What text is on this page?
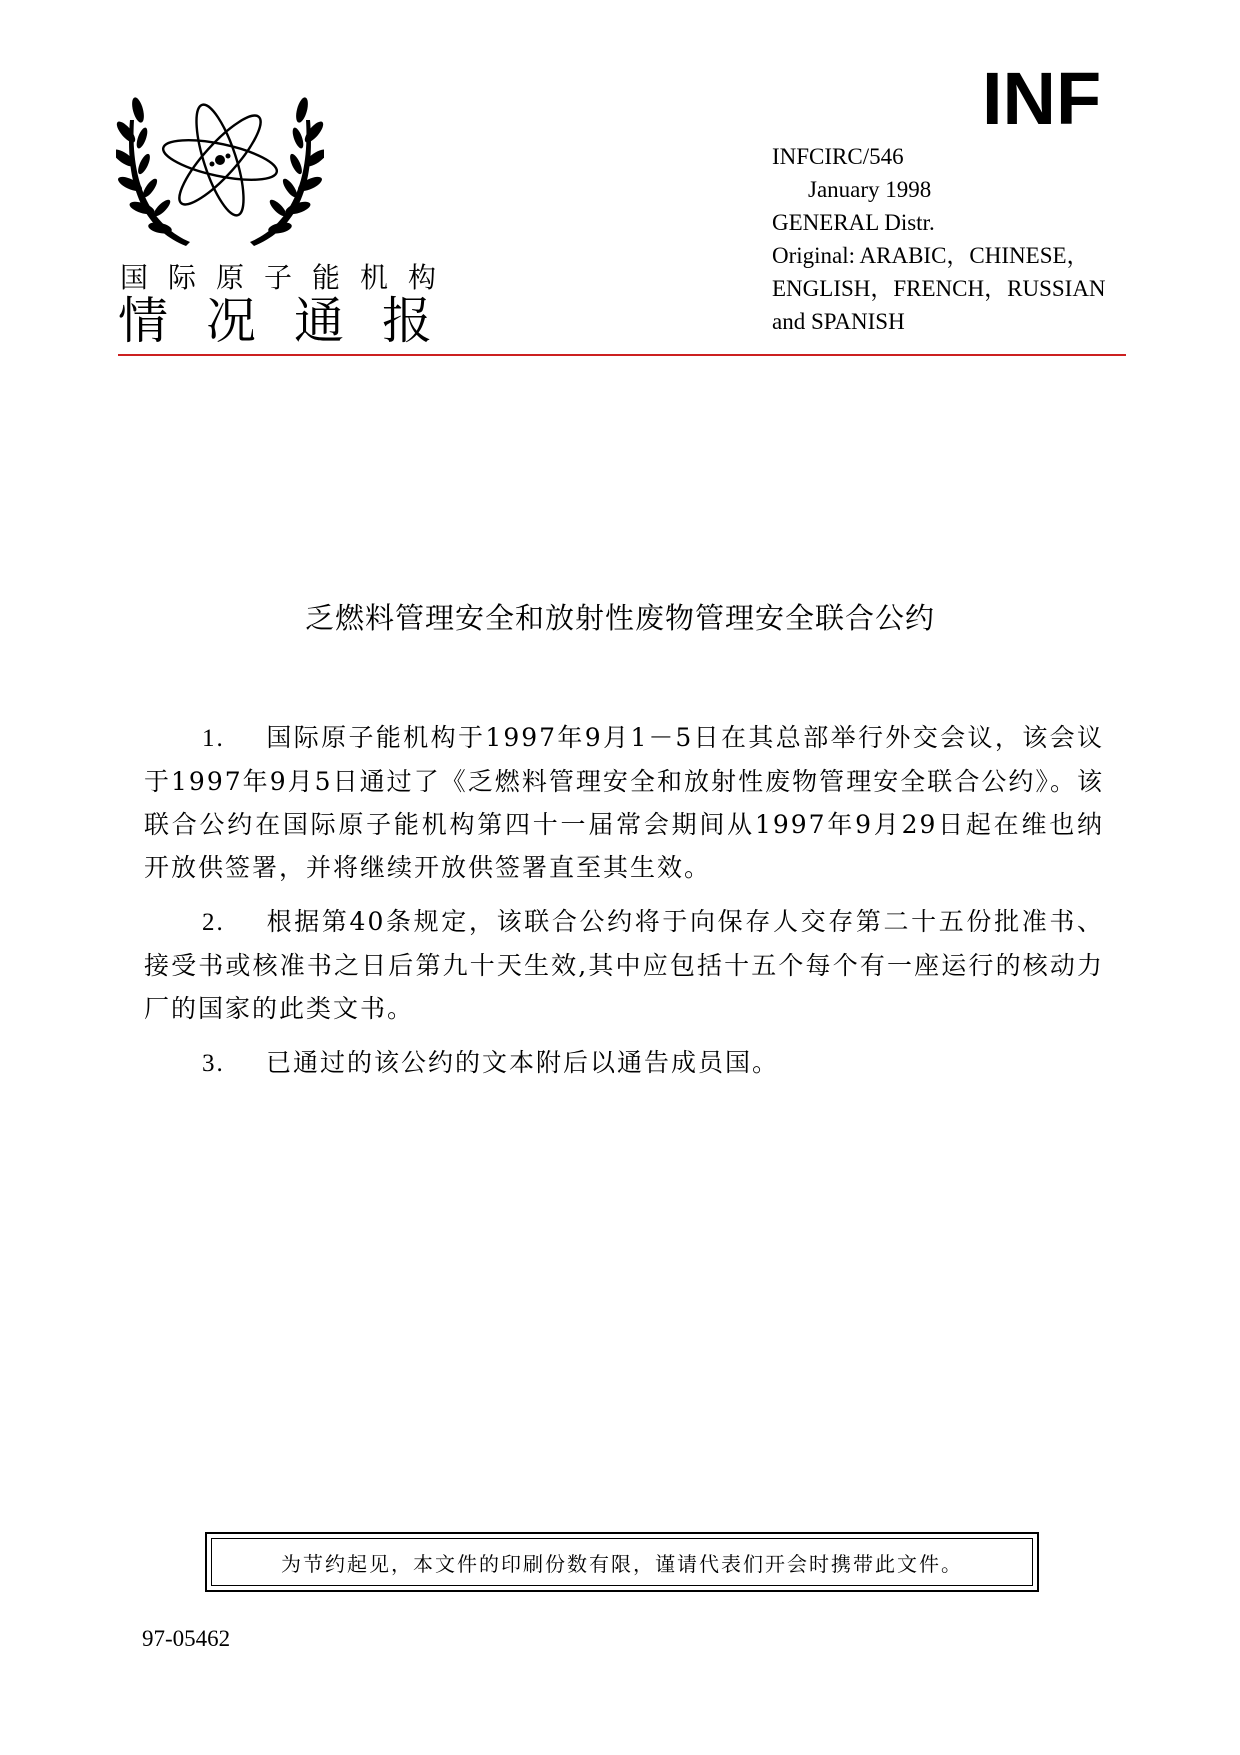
国际原子能机构
情况通报
INF
INFCIRC/546
January 1998
GENERAL Distr.
Original: ARABIC，CHINESE，
ENGLISH，FRENCH，RUSSIAN
and SPANISH
乏燃料管理安全和放射性废物管理安全联合公约

1. 国际原子能机构于1997年9月1－5日在其总部举行外交会议，该会议于1997年9月5日通过了《乏燃料管理安全和放射性废物管理安全联合公约》。该联合公约在国际原子能机构第四十一届常会期间从1997年9月29日起在维也纳开放供签署，并将继续开放供签署直至其生效。

2. 根据第40条规定，该联合公约将于向保存人交存第二十五份批准书、接受书或核准书之日后第九十天生效,其中应包括十五个每个有一座运行的核动力厂的国家的此类文书。

3. 已通过的该公约的文本附后以通告成员国。

为节约起见，本文件的印刷份数有限，谨请代表们开会时携带此文件。
97-05462
